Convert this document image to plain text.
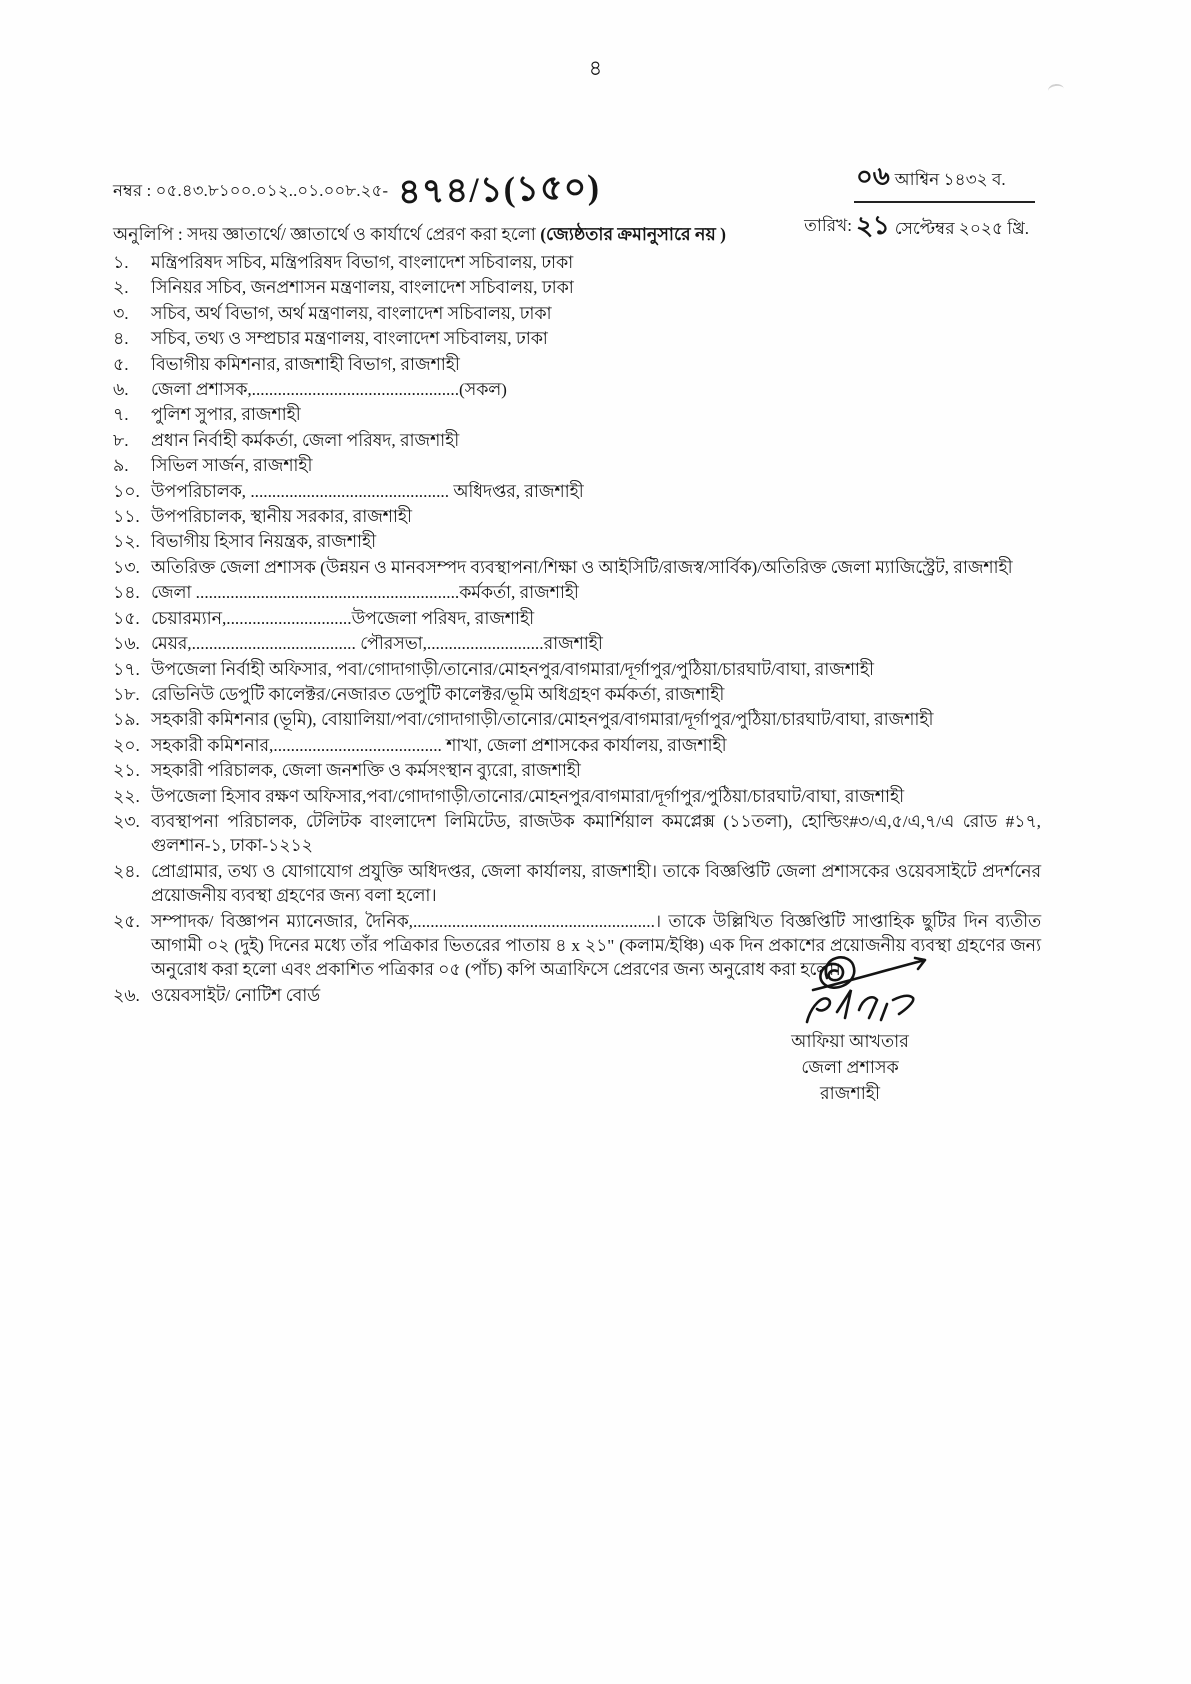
৪
নম্বর : ০৫.৪৩.৮১০০.০১২..০১.০০৮.২৫- ৪৭৪/১(১৫০)
তারিখ:
০৬ আশ্বিন ১৪৩২ ব.
২১ সেপ্টেম্বর ২০২৫ খ্রি.
অনুলিপি : সদয় জ্ঞাতার্থে/ জ্ঞাতার্থে ও কার্যার্থে প্রেরণ করা হলো (জ্যেষ্ঠতার ক্রমানুসারে নয় )
১.	মন্ত্রিপরিষদ সচিব, মন্ত্রিপরিষদ বিভাগ, বাংলাদেশ সচিবালয়, ঢাকা
২.	সিনিয়র সচিব, জনপ্রশাসন মন্ত্রণালয়, বাংলাদেশ সচিবালয়, ঢাকা
৩.	সচিব, অর্থ বিভাগ, অর্থ মন্ত্রণালয়, বাংলাদেশ সচিবালয়, ঢাকা
৪.	সচিব, তথ্য ও সম্প্রচার মন্ত্রণালয়, বাংলাদেশ সচিবালয়, ঢাকা
৫.	বিভাগীয় কমিশনার, রাজশাহী বিভাগ, রাজশাহী
৬.	জেলা প্রশাসক,................................................(সকল)
৭.	পুলিশ সুপার, রাজশাহী
৮.	প্রধান নির্বাহী কর্মকর্তা, জেলা পরিষদ, রাজশাহী
৯.	সিভিল সার্জন, রাজশাহী
১০. উপপরিচালক, .............................................. অধিদপ্তর, রাজশাহী
১১. উপপরিচালক, স্থানীয় সরকার, রাজশাহী
১২. বিভাগীয় হিসাব নিয়ন্ত্রক, রাজশাহী
১৩. অতিরিক্ত জেলা প্রশাসক (উন্নয়ন ও মানবসম্পদ ব্যবস্থাপনা/শিক্ষা ও আইসিটি/রাজস্ব/সার্বিক)/অতিরিক্ত জেলা ম্যাজিস্ট্রেট, রাজশাহী
১৪. জেলা .............................................................কর্মকর্তা, রাজশাহী
১৫. চেয়ারম্যান,.............................উপজেলা পরিষদ, রাজশাহী
১৬. মেয়র,...................................... পৌরসভা,...........................রাজশাহী
১৭. উপজেলা নির্বাহী অফিসার, পবা/গোদাগাড়ী/তানোর/মোহনপুর/বাগমারা/দূর্গাপুর/পুঠিয়া/চারঘাট/বাঘা, রাজশাহী
১৮. রেভিনিউ ডেপুটি কালেক্টর/নেজারত ডেপুটি কালেক্টর/ভূমি অধিগ্রহণ কর্মকর্তা, রাজশাহী
১৯. সহকারী কমিশনার (ভূমি), বোয়ালিয়া/পবা/গোদাগাড়ী/তানোর/মোহনপুর/বাগমারা/দূর্গাপুর/পুঠিয়া/চারঘাট/বাঘা, রাজশাহী
২০. সহকারী কমিশনার,....................................... শাখা, জেলা প্রশাসকের কার্যালয়, রাজশাহী
২১. সহকারী পরিচালক, জেলা জনশক্তি ও কর্মসংস্থান ব্যুরো, রাজশাহী
২২. উপজেলা হিসাব রক্ষণ অফিসার,পবা/গোদাগাড়ী/তানোর/মোহনপুর/বাগমারা/দূর্গাপুর/পুঠিয়া/চারঘাট/বাঘা, রাজশাহী
২৩. ব্যবস্থাপনা পরিচালক, টেলিটক বাংলাদেশ লিমিটেড, রাজউক কমার্শিয়াল কমপ্লেক্স (১১তলা), হোল্ডিং#৩/এ,৫/এ,৭/এ রোড #১৭, গুলশান-১, ঢাকা-১২১২
২৪. প্রোগ্রামার, তথ্য ও যোগাযোগ প্রযুক্তি অধিদপ্তর, জেলা কার্যালয়, রাজশাহী। তাকে বিজ্ঞপ্তিটি জেলা প্রশাসকের ওয়েবসাইটে প্রদর্শনের প্রয়োজনীয় ব্যবস্থা গ্রহণের জন্য বলা হলো।
২৫. সম্পাদক/ বিজ্ঞাপন ম্যানেজার, দৈনিক,........................................................। তাকে উল্লিখিত বিজ্ঞপ্তিটি সাপ্তাহিক ছুটির দিন ব্যতীত আগামী ০২ (দুই) দিনের মধ্যে তাঁর পত্রিকার ভিতরের পাতায় ৪ x ২১" (কলাম/ইঞ্চি) এক দিন প্রকাশের প্রয়োজনীয় ব্যবস্থা গ্রহণের জন্য অনুরোধ করা হলো এবং প্রকাশিত পত্রিকার ০৫ (পাঁচ) কপি অত্রাফিসে প্রেরণের জন্য অনুরোধ করা হলো।
২৬. ওয়েবসাইট/ নোটিশ বোর্ড
আফিয়া আখতার
জেলা প্রশাসক
রাজশাহী
